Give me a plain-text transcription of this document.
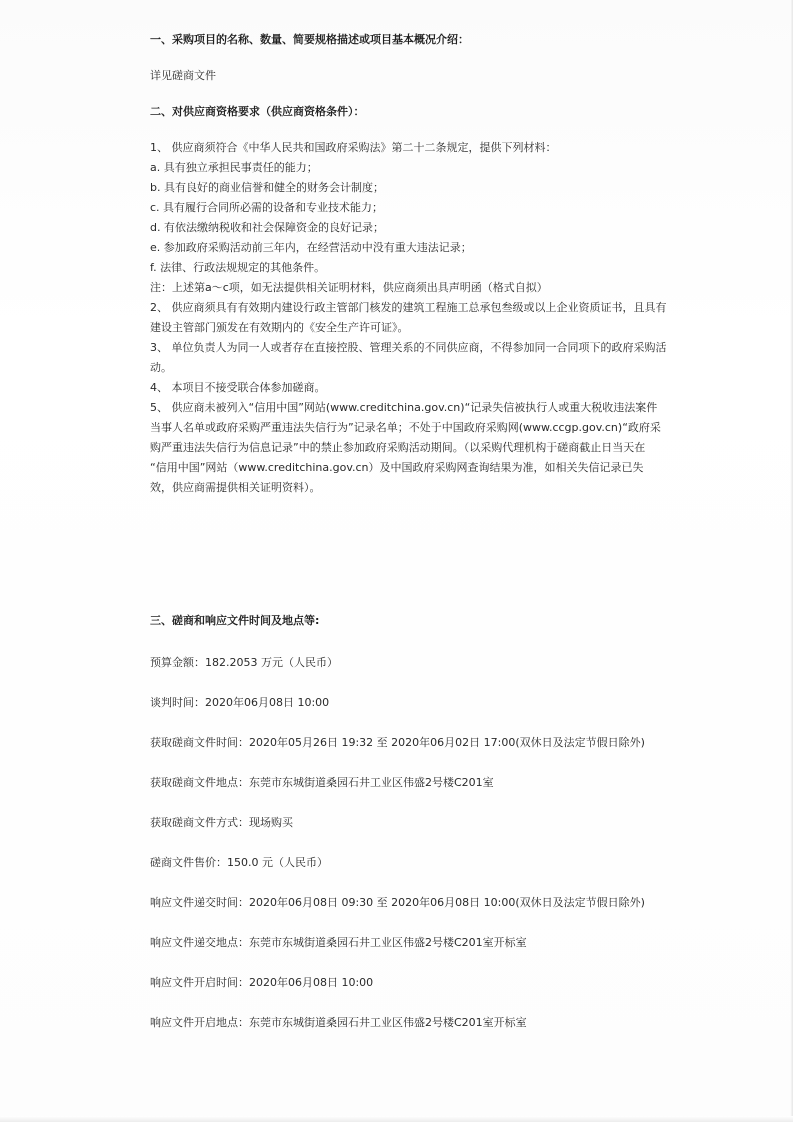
一、采购项目的名称、数量、简要规格描述或项目基本概况介绍：

详见磋商文件

二、对供应商资格要求（供应商资格条件）：

1、 供应商须符合《中华人民共和国政府采购法》第二十二条规定，提供下列材料：

a. 具有独立承担民事责任的能力；

b. 具有良好的商业信誉和健全的财务会计制度；

c. 具有履行合同所必需的设备和专业技术能力；

d. 有依法缴纳税收和社会保障资金的良好记录；

e. 参加政府采购活动前三年内，在经营活动中没有重大违法记录；

f. 法律、行政法规规定的其他条件。

注：上述第a～c项，如无法提供相关证明材料，供应商须出具声明函（格式自拟）

2、 供应商须具有有效期内建设行政主管部门核发的建筑工程施工总承包叁级或以上企业资质证书，且具有

建设主管部门颁发在有效期内的《安全生产许可证》。

3、 单位负责人为同一人或者存在直接控股、管理关系的不同供应商，不得参加同一合同项下的政府采购活

动。

4、 本项目不接受联合体参加磋商。

5、 供应商未被列入“信用中国”网站(www.creditchina.gov.cn)“记录失信被执行人或重大税收违法案件

当事人名单或政府采购严重违法失信行为”记录名单；不处于中国政府采购网(www.ccgp.gov.cn)“政府采

购严重违法失信行为信息记录”中的禁止参加政府采购活动期间。（以采购代理机构于磋商截止日当天在

“信用中国”网站（www.creditchina.gov.cn）及中国政府采购网查询结果为准，如相关失信记录已失

效，供应商需提供相关证明资料）。

三、磋商和响应文件时间及地点等:
预算金额：182.2053 万元（人民币）
谈判时间：2020年06月08日 10:00
获取磋商文件时间：2020年05月26日 19:32 至 2020年06月02日 17:00(双休日及法定节假日除外)
获取磋商文件地点：东莞市东城街道桑园石井工业区伟盛2号楼C201室
获取磋商文件方式：现场购买
磋商文件售价：150.0 元（人民币）
响应文件递交时间：2020年06月08日 09:30 至 2020年06月08日 10:00(双休日及法定节假日除外)
响应文件递交地点：东莞市东城街道桑园石井工业区伟盛2号楼C201室开标室
响应文件开启时间：2020年06月08日 10:00
响应文件开启地点：东莞市东城街道桑园石井工业区伟盛2号楼C201室开标室
